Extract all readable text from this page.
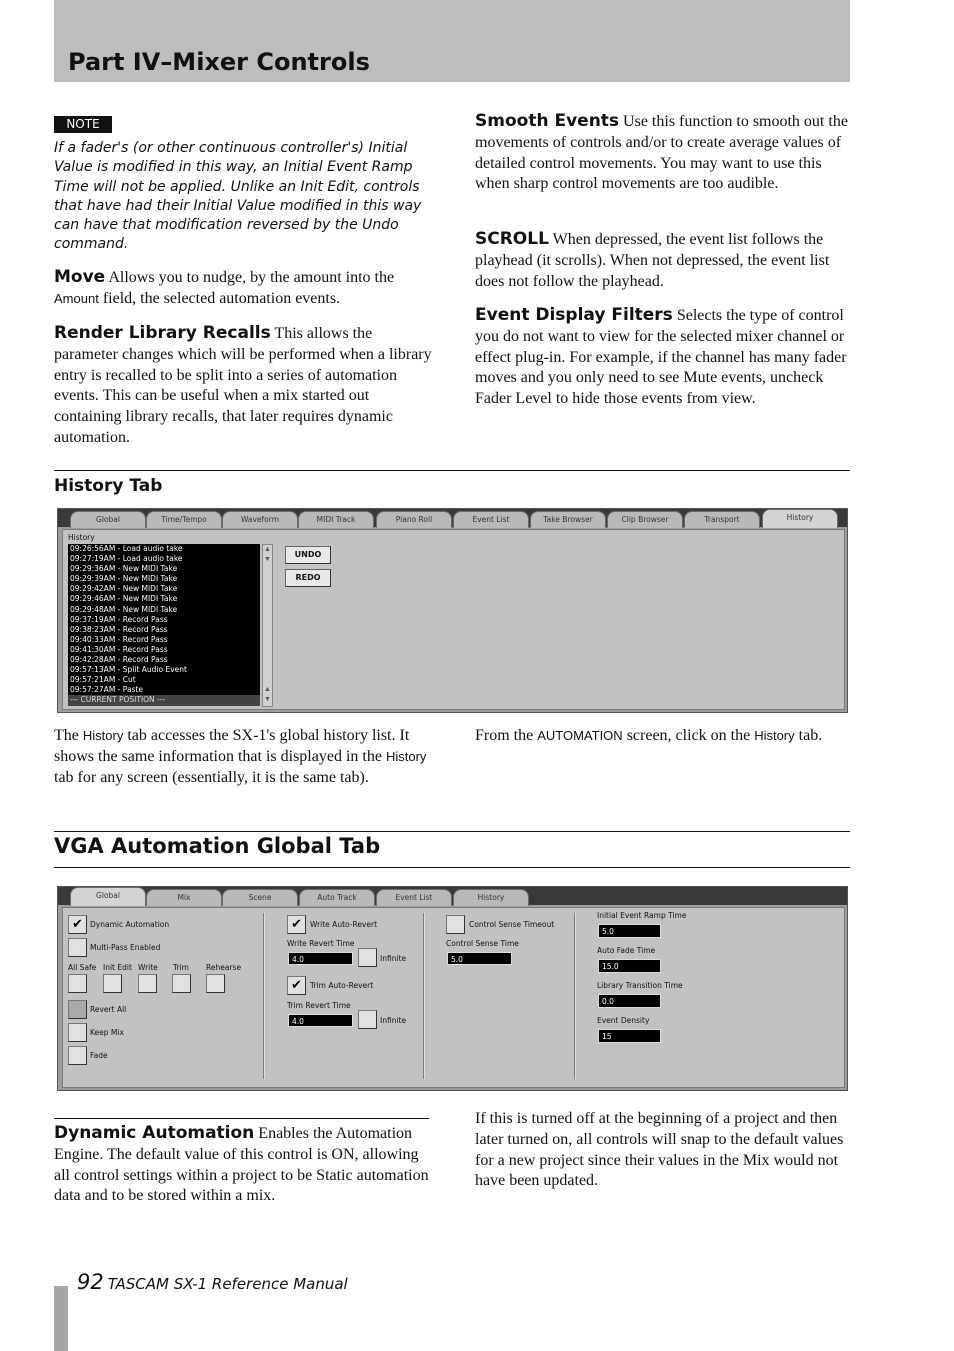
Part IV–Mixer Controls
NOTE
If a fader's (or other continuous controller's) Initial Value is modified in this way, an Initial Event Ramp Time will not be applied. Unlike an Init Edit, controls that have had their Initial Value modified in this way can have that modification reversed by the Undo command.
Move Allows you to nudge, by the amount into the Amount field, the selected automation events.
Render Library Recalls This allows the parameter changes which will be performed when a library entry is recalled to be split into a series of automation events. This can be useful when a mix started out containing library recalls, that later requires dynamic automation.
Smooth Events Use this function to smooth out the movements of controls and/or to create average values of detailed control movements. You may want to use this when sharp control movements are too audible.
SCROLL When depressed, the event list follows the playhead (it scrolls). When not depressed, the event list does not follow the playhead.
Event Display Filters Selects the type of control you do not want to view for the selected mixer channel or effect plug-in. For example, if the channel has many fader moves and you only need to see Mute events, uncheck Fader Level to hide those events from view.
History Tab
Global	Time/Tempo	Waveform	MIDI Track	Piano Roll	Event List	Take Browser	Clip Browser	Transport	History
History
09:26:56AM - Load audio take
09:27:19AM - Load audio take
09:29:36AM - New MIDI Take
09:29:39AM - New MIDI Take
09:29:42AM - New MIDI Take
09:29:46AM - New MIDI Take
09:29:48AM - New MIDI Take
09:37:19AM - Record Pass
09:38:23AM - Record Pass
09:40:33AM - Record Pass
09:41:30AM - Record Pass
09:42:28AM - Record Pass
09:57:13AM - Split Audio Event
09:57:21AM - Cut
09:57:27AM - Paste
--- CURRENT POSITION ---
▲
▼
▲
▼
UNDO
REDO
The History tab accesses the SX-1's global history list. It shows the same information that is displayed in the History tab for any screen (essentially, it is the same tab).
From the AUTOMATION screen, click on the History tab.
VGA Automation Global Tab
Global	Mix	Scene	Auto Track	Event List	History
✔ Dynamic Automation
Multi-Pass Enabled
All Safe Init Edit Write Trim Rehearse
Revert All
Keep Mix
Fade
✔	Write Auto-Revert
Write Revert Time
4.0	Infinite
✔	Trim Auto-Revert
Trim Revert Time
4.0	Infinite
Control Sense Timeout
Control Sense Time
5.0
Initial Event Ramp Time
5.0
Auto Fade Time
15.0
Library Transition Time
0.0
Event Density
15
Dynamic Automation Enables the Automation Engine. The default value of this control is ON, allowing all control settings within a project to be Static automation data and to be stored within a mix.
If this is turned off at the beginning of a project and then later turned on, all controls will snap to the default values for a new project since their values in the Mix would not have been updated.
92 TASCAM SX-1 Reference Manual
